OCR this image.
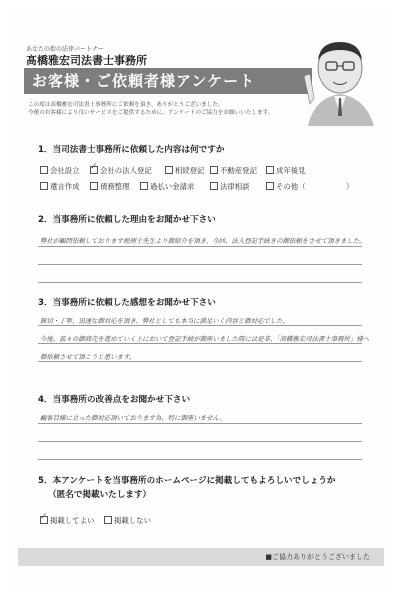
あなたの街の法律パートナー
髙橋雅宏司法書士事務所
お客様・ご依頼者様アンケート
この度は髙橋雅宏司法書士事務所にご依頼を頂き、ありがとうございました。
今後のお客様により良いサービスをご提供するために、アンケートのご協力をお願いいたします。
1．当司法書士事務所に依頼した内容は何ですか
会社設立
✓	会社の法人登記	相続登記	不動産登記	成年後見
遺言作成	債務整理	過払い金請求	法律相談	その他（	）
2．当事務所に依頼した理由をお聞かせ下さい
弊社が顧問依頼しております税理士先生より御紹介を頂き、今回、法人登記手続きの御依頼をさせて頂きました。
3．当事務所に依頼した感想をお聞かせ下さい
親切・丁寧、迅速な御対応を頂き、弊社としても本当に満足いく内容と御対応でした。
今後、我々の御商売を進めていく上において登記手続が御座いました際には是非、「高橋雅宏司法書士事務所」様へ
御依頼させて頂こうと思います。
4．当事務所の改善点をお聞かせ下さい
顧客目線に立った御対応頂いております為、特に御座いません。
5．本アンケートを当事務所のホームページに掲載してもよろしいでしょうか
（匿名で掲載いたします）
✓掲載してよい	掲載しない
■ご協力ありがとうございました
